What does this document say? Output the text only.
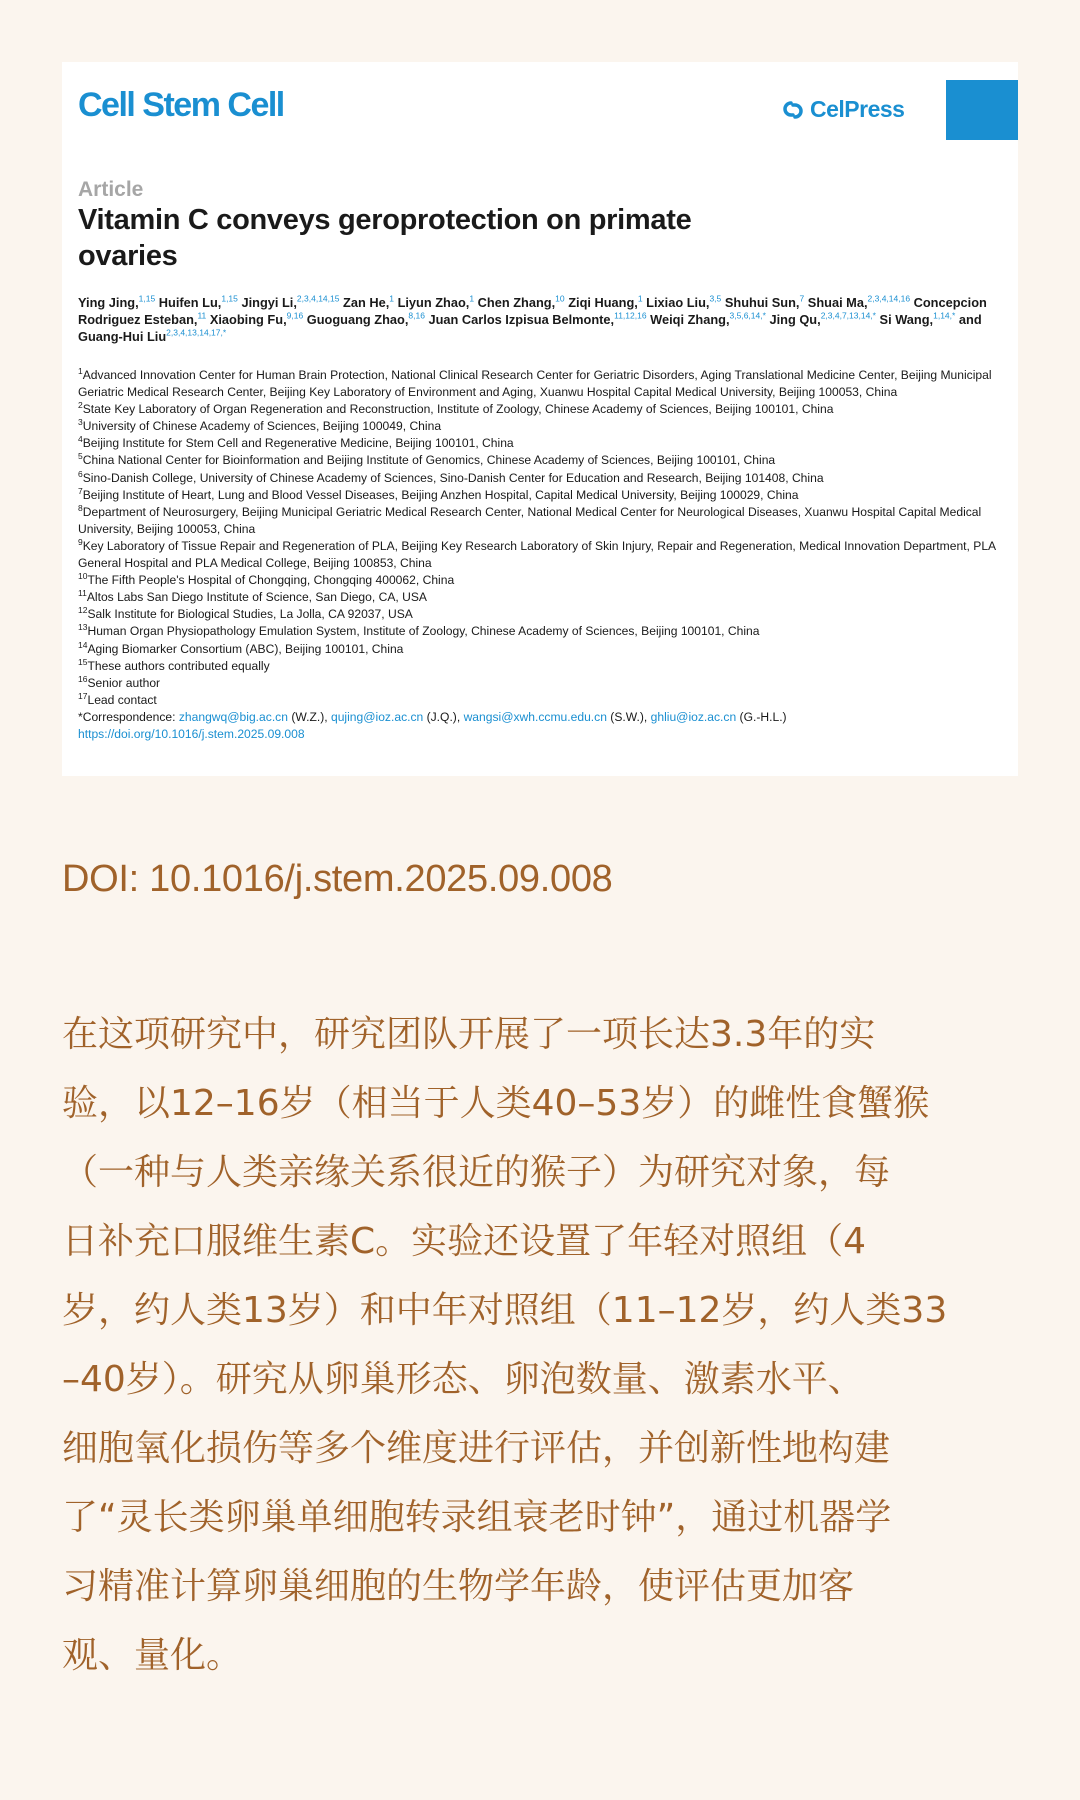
Cell Stem Cell	CelPress
Article
Vitamin C conveys geroprotection on primate ovaries
Ying Jing,$^{1,15}$ Huifen Lu,$^{1,15}$ Jingyi Li,$^{2,3,4,14,15}$ Zan He,$^1$ Liyun Zhao,$^1$ Chen Zhang,$^{10}$ Ziqi Huang,$^1$ Lixiao Liu,$^{3,5}$ Shuhui Sun,$^7$ Shuai Ma,$^{2,3,4,14,16}$ Concepcion Rodriguez Esteban,$^{11}$ Xiaobing Fu,$^{9,16}$ Guoguang Zhao,$^{8,16}$ Juan Carlos Izpisua Belmonte,$^{11,12,16}$ Weiqi Zhang,$^{3,5,6,14,*}$ Jing Qu,$^{2,3,4,7,13,14,*}$ Si Wang,$^{1,14,*}$ and Guang-Hui Liu$^{2,3,4,13,14,17,*}$
$^1$Advanced Innovation Center for Human Brain Protection, National Clinical Research Center for Geriatric Disorders, Aging Translational Medicine Center, Beijing Municipal Geriatric Medical Research Center, Beijing Key Laboratory of Environment and Aging, Xuanwu Hospital Capital Medical University, Beijing 100053, China
$^2$State Key Laboratory of Organ Regeneration and Reconstruction, Institute of Zoology, Chinese Academy of Sciences, Beijing 100101, China
$^3$University of Chinese Academy of Sciences, Beijing 100049, China
$^4$Beijing Institute for Stem Cell and Regenerative Medicine, Beijing 100101, China
$^5$China National Center for Bioinformation and Beijing Institute of Genomics, Chinese Academy of Sciences, Beijing 100101, China
$^6$Sino-Danish College, University of Chinese Academy of Sciences, Sino-Danish Center for Education and Research, Beijing 101408, China
$^7$Beijing Institute of Heart, Lung and Blood Vessel Diseases, Beijing Anzhen Hospital, Capital Medical University, Beijing 100029, China
$^8$Department of Neurosurgery, Beijing Municipal Geriatric Medical Research Center, National Medical Center for Neurological Diseases, Xuanwu Hospital Capital Medical University, Beijing 100053, China
$^9$Key Laboratory of Tissue Repair and Regeneration of PLA, Beijing Key Research Laboratory of Skin Injury, Repair and Regeneration, Medical Innovation Department, PLA General Hospital and PLA Medical College, Beijing 100853, China
$^{10}$The Fifth People's Hospital of Chongqing, Chongqing 400062, China
$^{11}$Altos Labs San Diego Institute of Science, San Diego, CA, USA
$^{12}$Salk Institute for Biological Studies, La Jolla, CA 92037, USA
$^{13}$Human Organ Physiopathology Emulation System, Institute of Zoology, Chinese Academy of Sciences, Beijing 100101, China
$^{14}$Aging Biomarker Consortium (ABC), Beijing 100101, China
$^{15}$These authors contributed equally
$^{16}$Senior author
$^{17}$Lead contact
*Correspondence: zhangwq@big.ac.cn (W.Z.), qujing@ioz.ac.cn (J.Q.), wangsi@xwh.ccmu.edu.cn (S.W.), ghliu@ioz.ac.cn (G.-H.L.)
https://doi.org/10.1016/j.stem.2025.09.008
DOI: 10.1016/j.stem.2025.09.008

在这项研究中，研究团队开展了一项长达3.3年的实
验，以12–16岁（相当于人类40–53岁）的雌性食蟹猴
（一种与人类亲缘关系很近的猴子）为研究对象，每
日补充口服维生素C。实验还设置了年轻对照组（4
岁，约人类13岁）和中年对照组（11–12岁，约人类33
–40岁）。研究从卵巢形态、卵泡数量、激素水平、
细胞氧化损伤等多个维度进行评估，并创新性地构建
了“灵长类卵巢单细胞转录组衰老时钟”，通过机器学
习精准计算卵巢细胞的生物学年龄，使评估更加客
观、量化。
